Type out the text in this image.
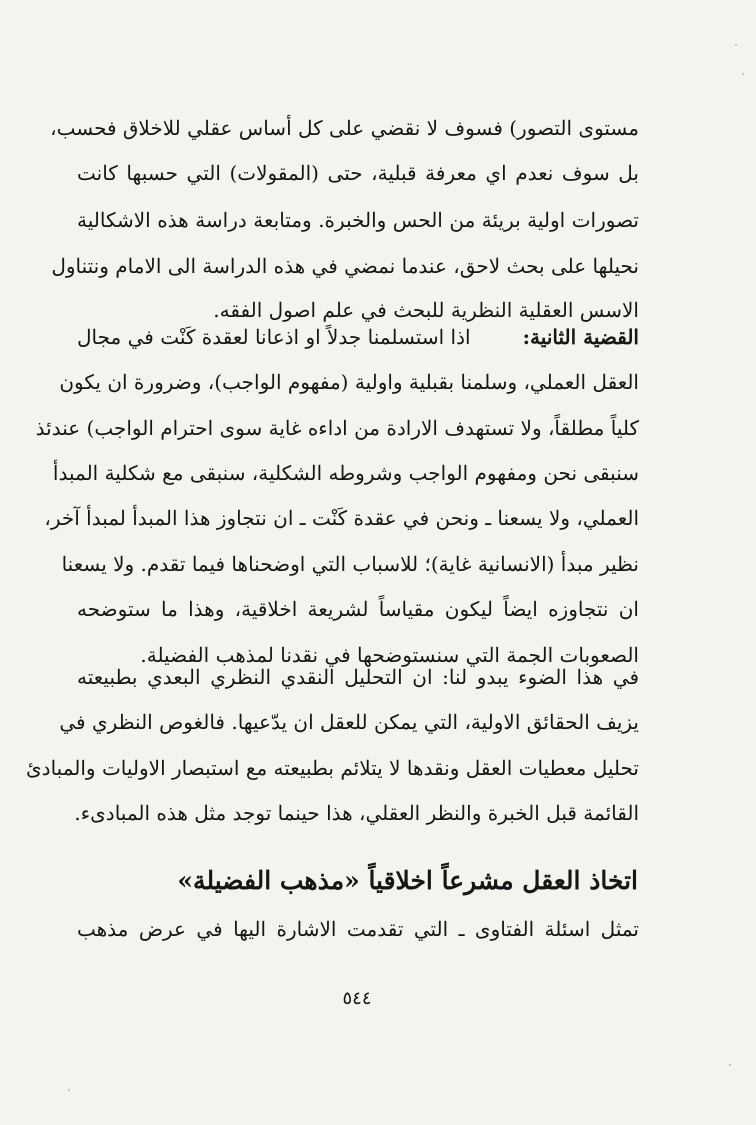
مستوى التصور) فسوف لا نقضي على كل أساس عقلي للاخلاق فحسب،
بل سوف نعدم اي معرفة قبلية، حتى (المقولات) التي حسبها كانت
تصورات اولية بريئة من الحس والخبرة. ومتابعة دراسة هذه الاشكالية
نحيلها على بحث لاحق، عندما نمضي في هذه الدراسة الى الامام ونتناول
الاسس العقلية النظرية للبحث في علم اصول الفقه.
القضية الثانية:
اذا استسلمنا جدلاً او اذعانا لعقدة كَنْت في مجال
العقل العملي، وسلمنا بقبلية واولية (مفهوم الواجب)، وضرورة ان يكون
كلياً مطلقاً، ولا تستهدف الارادة من اداءه غاية سوى احترام الواجب) عندئذ
سنبقى نحن ومفهوم الواجب وشروطه الشكلية، سنبقى مع شكلية المبدأ
العملي، ولا يسعنا ـ ونحن في عقدة كَنْت ـ ان نتجاوز هذا المبدأ لمبدأ آخر،
نظير مبدأ (الانسانية غاية)؛ للاسباب التي اوضحناها فيما تقدم. ولا يسعنا
ان نتجاوزه ايضاً ليكون مقياساً لشريعة اخلاقية، وهذا ما ستوضحه
الصعوبات الجمة التي سنستوضحها في نقدنا لمذهب الفضيلة.
في هذا الضوء يبدو لنا: ان التحليل النقدي النظري البعدي بطبيعته
يزيف الحقائق الاولية، التي يمكن للعقل ان يدّعيها. فالغوص النظري في
تحليل معطيات العقل ونقدها لا يتلائم بطبيعته مع استبصار الاوليات والمبادئ
القائمة قبل الخبرة والنظر العقلي، هذا حينما توجد مثل هذه المبادىء.
اتخاذ العقل مشرعاً اخلاقياً «مذهب الفضيلة»
تمثل اسئلة الفتاوى ـ التي تقدمت الاشارة اليها في عرض مذهب
٥٤٤
